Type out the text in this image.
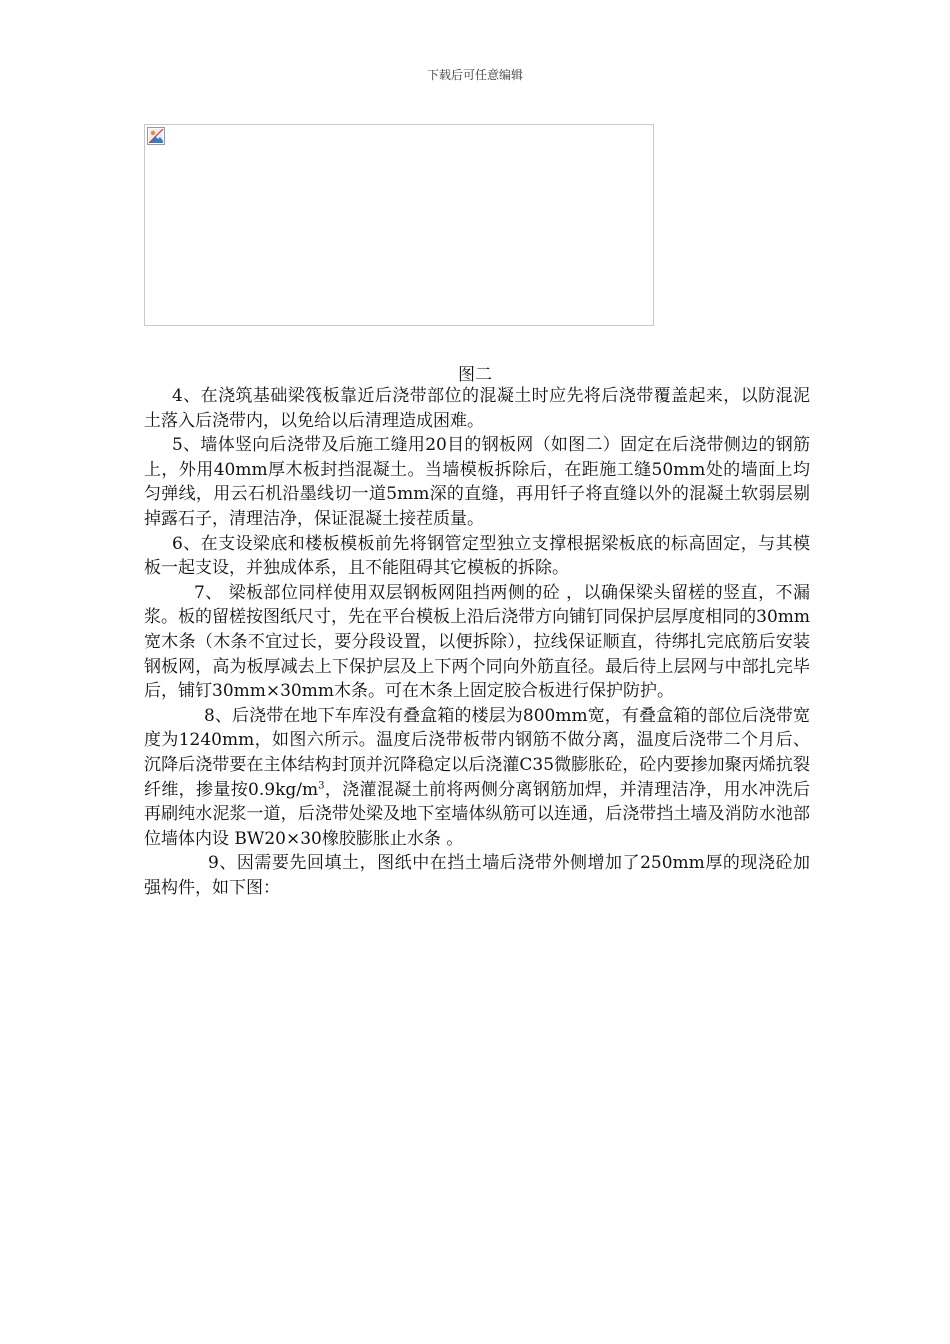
下载后可任意编辑
图二

4、在浇筑基础梁筏板靠近后浇带部位的混凝土时应先将后浇带覆盖起来，以防混泥土落入后浇带内，以免给以后清理造成困难。

5、墙体竖向后浇带及后施工缝用20目的钢板网（如图二）固定在后浇带侧边的钢筋上，外用40mm厚木板封挡混凝土。当墙模板拆除后，在距施工缝50mm处的墙面上均匀弹线，用云石机沿墨线切一道5mm深的直缝，再用钎子将直缝以外的混凝土软弱层剔掉露石子，清理洁净，保证混凝土接茬质量。

6、在支设梁底和楼板模板前先将钢管定型独立支撑根据梁板底的标高固定，与其模板一起支设，并独成体系，且不能阻碍其它模板的拆除。

7、 梁板部位同样使用双层钢板网阻挡两侧的砼 ，以确保梁头留槎的竖直，不漏浆。板的留槎按图纸尺寸，先在平台模板上沿后浇带方向铺钉同保护层厚度相同的30mm宽木条（木条不宜过长，要分段设置，以便拆除），拉线保证顺直，待绑扎完底筋后安装钢板网，高为板厚减去上下保护层及上下两个同向外筋直径。最后待上层网与中部扎完毕后，铺钉30mm×30mm木条。可在木条上固定胶合板进行保护防护。

8、后浇带在地下车库没有叠盒箱的楼层为800mm宽，有叠盒箱的部位后浇带宽度为1240mm，如图六所示。温度后浇带板带内钢筋不做分离，温度后浇带二个月后、沉降后浇带要在主体结构封顶并沉降稳定以后浇灌C35微膨胀砼，砼内要掺加聚丙烯抗裂纤维，掺量按$0.9kg/m^3$，浇灌混凝土前将两侧分离钢筋加焊，并清理洁净，用水冲洗后再刷纯水泥浆一道，后浇带处梁及地下室墙体纵筋可以连通，后浇带挡土墙及消防水池部位墙体内设 BW20×30橡胶膨胀止水条 。

9、因需要先回填土，图纸中在挡土墙后浇带外侧增加了250mm厚的现浇砼加强构件，如下图：
